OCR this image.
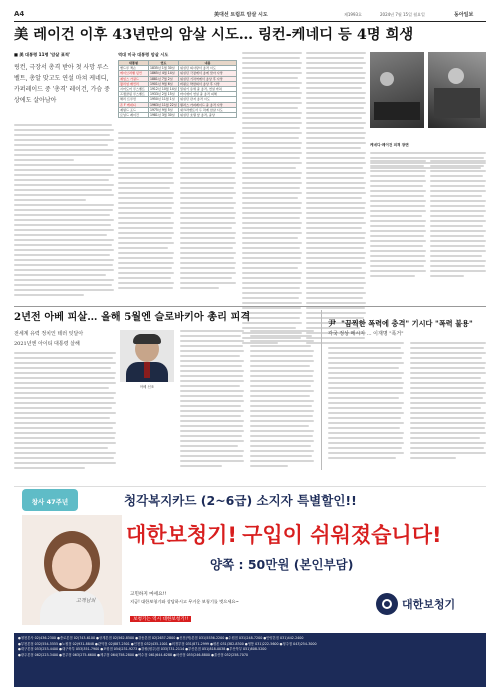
A4	美대선 트럼프 암살 시도	제1993호	2024년 7월 15일 월요일	동아일보
美 레이건 이후 43년만의 암살 시도… 링컨-케네디 등 4명 희생
■ 美 대통령 11명 '암살 표적'
링컨, 극장서 총격 받아 첫 사망 루스벨트, 총알 맞고도 연설 마쳐 케네디, 카퍼레이드 중 '총격' 레이건, 가슴 중상에도 살아남아
역대 미국 대통령 암살 시도
대통령	연도	내용
앤드루 잭슨	1835년 1월 30일	워싱턴 의사당서 총격 시도
에이브러햄 링컨	1865년 4월 14일	워싱턴 극장에서 총에 맞아 사망
제임스 가필드	1881년 7월 2일	워싱턴 기차역에서 총상 후 사망
윌리엄 매킨리	1901년 9월 6일	버펄로 박람회서 총상 후 사망
시어도어 루스벨트	1912년 10월 14일	밀워키 유세 중 총격, 연설 마쳐
프랭클린 루스벨트	1933년 2월 15일	마이애미 연설 중 총격 피해
해리 트루먼	1950년 11월 1일	워싱턴 관저 총격 시도
존 F 케네디	1963년 11월 22일	댈러스 카퍼레이드 중 총격 사망
제럴드 포드	1975년 9월 5일	새크라멘토서 두 차례 암살 시도
로널드 레이건	1981년 3월 30일	워싱턴 호텔 앞 총격, 중상
케네디-레이건 피격 장면
2년전 아베 피살… 올해 5월엔 슬로바키아 총리 피격
전세계 유력 정치인 테러 잇달아
2021년엔 아이티 대통령 살해
아베 신조
尹 "끔찍한 폭력에 충격" 기시다 "폭력 불용"
각국 정상 메시지 … 이재명 "폭거"
창사 47주년	청각복지카드 (2~6급) 소지자 특별할인!!
고객님의
대한보청기! 구입이 쉬워졌습니다!
양쪽 : 50만원 (본인부담)
고민하지 마세요!!
지금! 대한보청기와 상담하시고 무거운 보청기를 벗으세요~
보청기는 역시 대한보청기!!
대한보청기
●청천본사 02)436-2300 ●종로본점 02)743-6100 ●상계본점 02)562-8500 ●강동본점 02)2637-2800 ●신천(역)본점 031)5536-2200 ●수원점 031)248-7200 ●안양본점 031)442-2400
●부천본점 032)554-5555 ●노원점 02)931-8848 ●관악점 02)887-2501 ●인천점 032)435-1001 ●의정부점 031)871-2999 ●평촌 031)382-8300 ●영통 031)222-5600 ●청주점 043)254-3000
●대구본점 053)253-4400 ●대구북부 053)351-7900 ●포항점 054)231-9273 ●강원(원주)점 033)731-2114 ●부산본점 051)818-0038 ●부산북부 051)808-5200
●광주본점 062)223-3400 ●전주점 063)275-6600 ●제주점 064)758-2800 ●여수점 061)644-6288 ●마산점 055)246-8800 ●울산점 052)258-7070
